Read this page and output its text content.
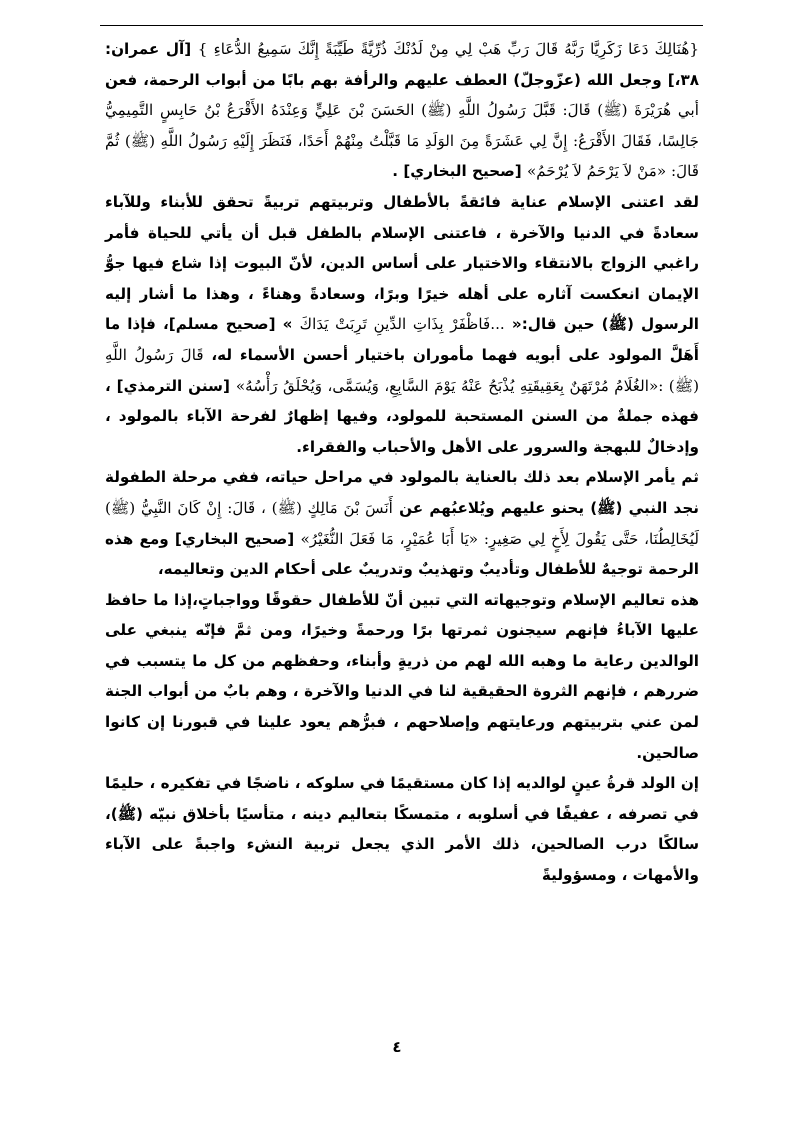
{هُنَالِكَ دَعَا زَكَرِيَّا رَبَّهُ قَالَ رَبِّ هَبْ لِي مِنْ لَدُنْكَ ذُرِّيَّةً طَيِّبَةً إِنَّكَ سَمِيعُ الدُّعَاءِ } [آل عمران: ٣٨،] وجعل الله (عزّوجلّ) العطف عليهم والرأفة بهم بابًا من أبواب الرحمة، فعن أبي هُرَيْرَةَ (ﷺ) قَالَ: قَبَّلَ رَسُولُ اللَّهِ (ﷺ) الحَسَنَ بْنَ عَلِيٍّ وَعِنْدَهُ الأَقْرَعُ بْنُ حَابِسٍ التَّمِيمِيُّ جَالِسًا، فَقَالَ الأَقْرَعُ: إِنَّ لِي عَشَرَةً مِنَ الوَلَدِ مَا قَبَّلْتُ مِنْهُمْ أَحَدًا، فَنَظَرَ إِلَيْهِ رَسُولُ اللَّهِ (ﷺ) ثُمَّ قَالَ: «مَنْ لاَ يَرْحَمُ لاَ يُرْحَمُ» [صحيح البخاري] .

لقد اعتنى الإسلام عناية فائقةً بالأطفال وتربيتهم تربيةً تحقق للأبناء وللآباء سعادةً في الدنيا والآخرة ، فاعتنى الإسلام بالطفل قبل أن يأتي للحياة فأمر راغبي الزواج بالانتقاء والاختيار على أساس الدين، لأنّ البيوت إذا شاع فيها جوُّ الإيمان انعكست آثاره على أهله خيرًا وبرًا، وسعادةً وهناءً ، وهذا ما أشار إليه الرسول (ﷺ) حين قال:« ...فَاظْفَرْ بِذَاتِ الدِّينِ تَرِبَتْ يَدَاكَ » [صحيح مسلم]، فإذا ما أَهَلَّ المولود على أبويه فهما مأموران باختيار أحسن الأسماء له، قَالَ رَسُولُ اللَّهِ (ﷺ) :«الغُلَامُ مُرْتَهَنٌ بِعَقِيقَتِهِ يُذْبَحُ عَنْهُ يَوْمَ السَّابِعِ، وَيُسَمَّى، وَيُحْلَقُ رَأْسُهُ» [سنن الترمذي] ، فهذه جملةٌ من السنن المستحبة للمولود، وفيها إظهارٌ لفرحة الآباء بالمولود ، وإدخالٌ للبهجة والسرور على الأهل والأحباب والفقراء.

ثم يأمر الإسلام بعد ذلك بالعناية بالمولود في مراحل حياته، ففي مرحلة الطفولة نجد النبي (ﷺ) يحنو عليهم ويُلاعبُهم عن أَنَسَ بْنَ مَالِكٍ (ﷺ) ، قَالَ: إِنْ كَانَ النَّبِيُّ (ﷺ) لَيُخَالِطُنَا، حَتَّى يَقُولَ لِأَخٍ لِي صَغِيرٍ: «يَا أَبَا عُمَيْرٍ، مَا فَعَلَ النُّغَيْرُ» [صحيح البخاري] ومع هذه الرحمة توجيهٌ للأطفال وتأديبٌ وتهذيبٌ وتدريبٌ على أحكام الدين وتعاليمه،

هذه تعاليم الإسلام وتوجيهاته التي تبين أنّ للأطفال حقوقًا وواجباتٍ،إذا ما حافظ عليها الآباءُ فإنهم سيجنون ثمرتها برًا ورحمةً وخيرًا، ومن ثمَّ فإنّه ينبغي على الوالدين رعاية ما وهبه الله لهم من ذريةٍ وأبناء، وحفظهم من كل ما يتسبب في ضررهم ، فإنهم الثروة الحقيقية لنا في الدنيا والآخرة ، وهم بابٌ من أبواب الجنة لمن عني بتربيتهم ورعايتهم وإصلاحهم ، فبرُّهم يعود علينا في قبورنا إن كانوا صالحين.

إن الولد قرةُ عينٍ لوالديه إذا كان مستقيمًا في سلوكه ، ناضجًا في تفكيره ، حليمًا في تصرفه ، عفيفًا في أسلوبه ، متمسكًا بتعاليم دينه ، متأسيًا بأخلاق نبيّه (ﷺ)، سالكًا درب الصالحين، ذلك الأمر الذي يجعل تربية النشء واجبةً على الآباء والأمهات ، ومسؤوليةً

٤
